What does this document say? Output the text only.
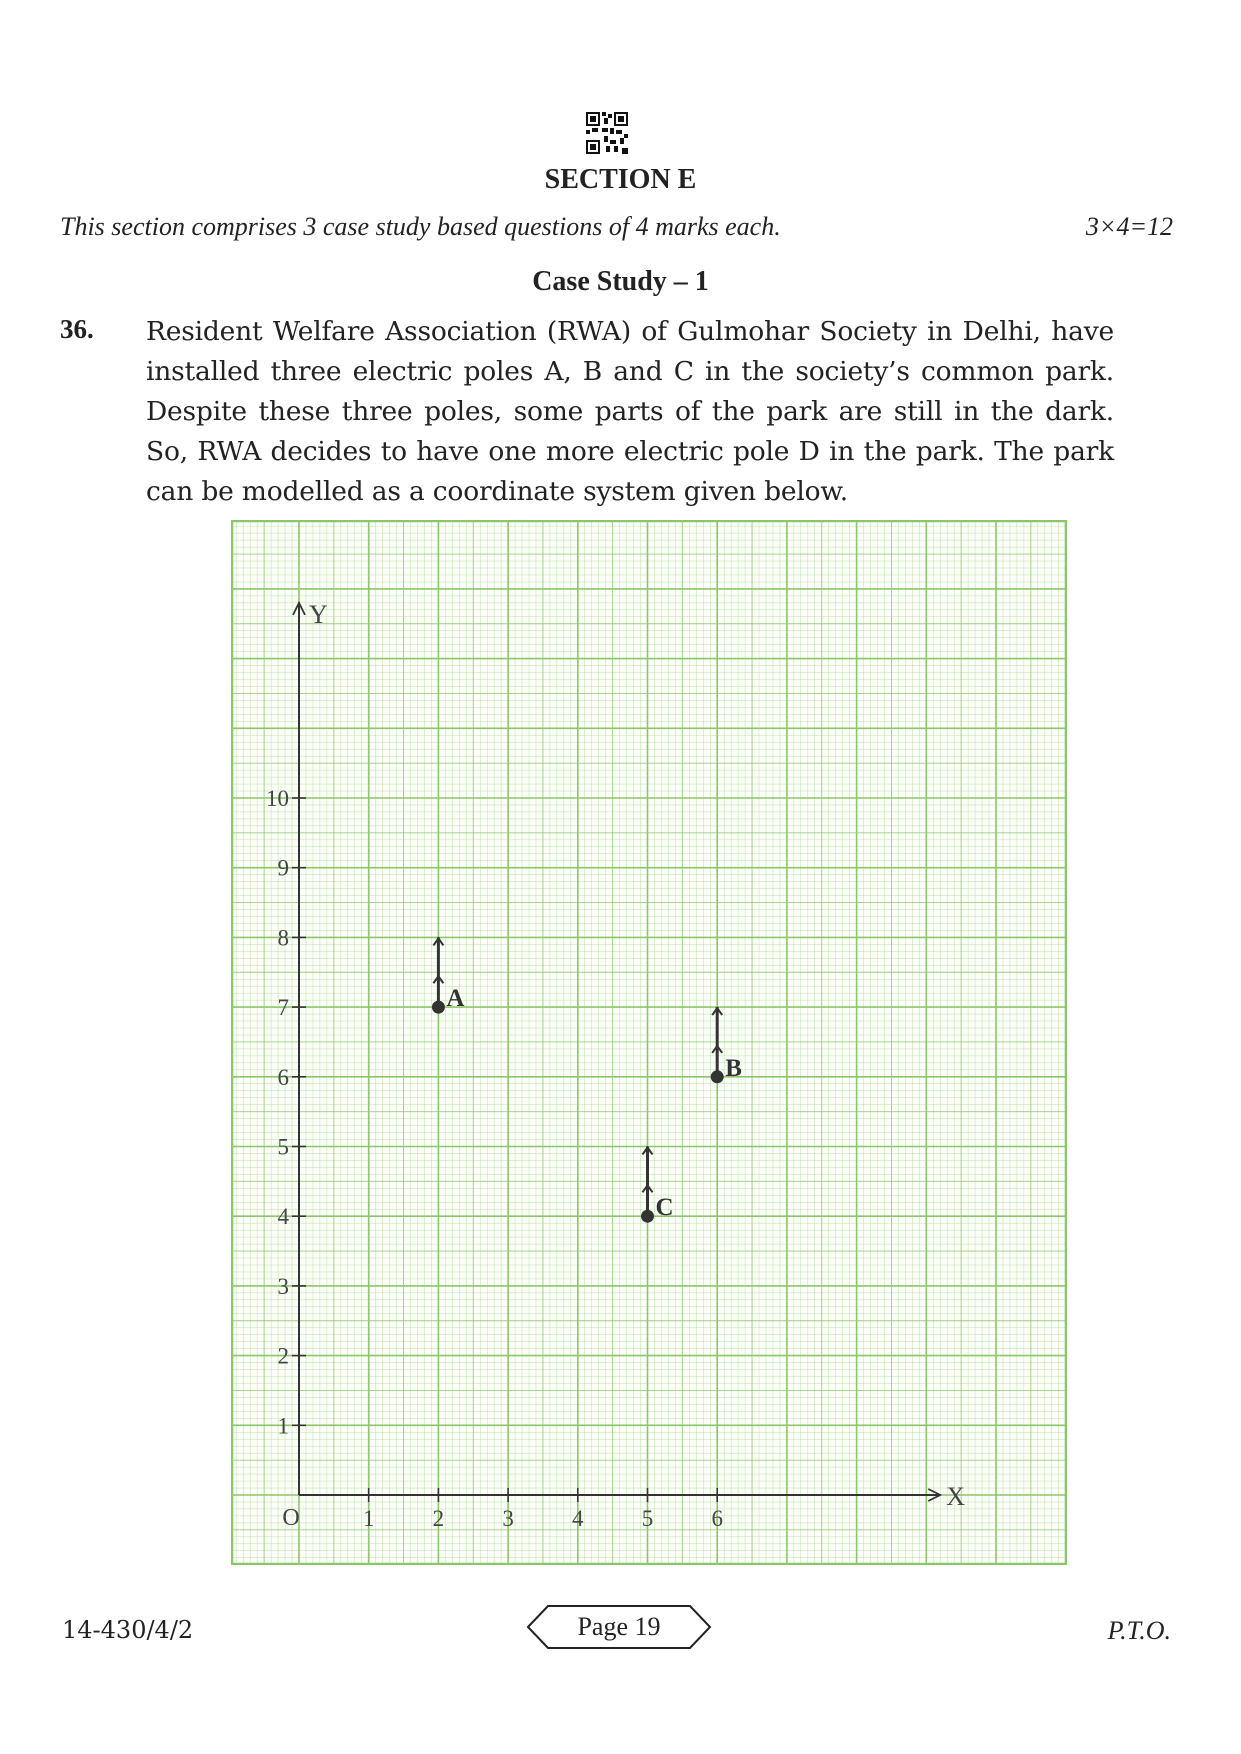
SECTION E
This section comprises 3 case study based questions of 4 marks each.	3×4=12
Case Study – 1
36. Resident Welfare Association (RWA) of Gulmohar Society in Delhi, have installed three electric poles A, B and C in the society’s common park. Despite these three poles, some parts of the park are still in the dark. So, RWA decides to have one more electric pole D in the park. The park can be modelled as a coordinate system given below.
X
Y
O	1	2	3	4	5	6
1
2
3
4
5
6
7
8
9
10
A
B
C
14-430/4/2	Page 19	P.T.O.
